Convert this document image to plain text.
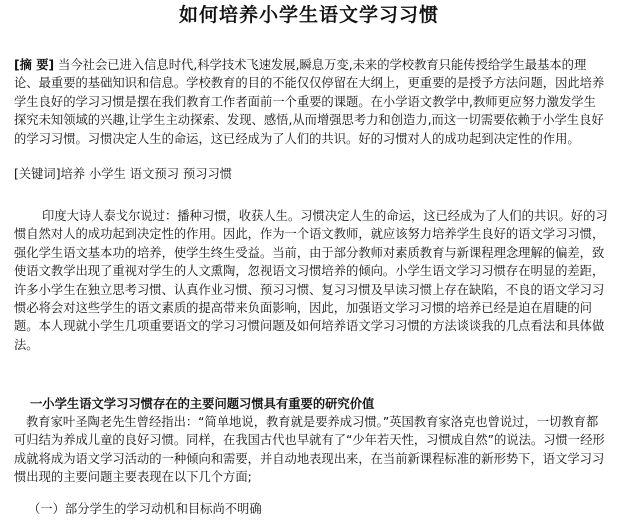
如何培养小学生语文学习习惯
[摘 要] 当今社会已进入信息时代,科学技术飞速发展,瞬息万变,未来的学校教育只能传授给学生最基本的理论、最重要的基础知识和信息。学校教育的目的不能仅仅停留在大纲上，更重要的是授予方法问题，因此培养学生良好的学习习惯是摆在我们教育工作者面前一个重要的课题。在小学语文教学中,教师更应努力激发学生探究未知领域的兴趣,让学生主动探索、发现、感悟,从而增强思考力和创造力,而这一切需要依赖于小学生良好的学习习惯。习惯决定人生的命运，这已经成为了人们的共识。好的习惯对人的成功起到决定性的作用。
[关键词]培养 小学生 语文预习 预习习惯

印度大诗人泰戈尔说过：播种习惯，收获人生。习惯决定人生的命运，这已经成为了人们的共识。好的习惯自然对人的成功起到决定性的作用。因此，作为一个语文教师，就应该努力培养学生良好的语文学习习惯，强化学生语文基本功的培养，使学生终生受益。当前，由于部分教师对素质教育与新课程理念理解的偏差，致使语文教学出现了重视对学生的人文熏陶，忽视语文习惯培养的倾向。小学生语文学习习惯存在明显的差距，许多小学生在独立思考习惯、认真作业习惯、预习习惯、复习习惯及早读习惯上存在缺陷，不良的语文学习习惯必将会对这些学生的语文素质的提高带来负面影响，因此，加强语文学习习惯的培养已经是迫在眉睫的问题。本人现就小学生几项重要语文的学习习惯问题及如何培养语文学习习惯的方法谈谈我的几点看法和具体做法。

一小学生语文学习习惯存在的主要问题习惯具有重要的研究价值

教育家叶圣陶老先生曾经指出：“简单地说，教育就是要养成习惯。”英国教育家洛克也曾说过，一切教育都可归结为养成儿童的良好习惯。同样，在我国古代也早就有了“少年若天性，习惯成自然”的说法。习惯一经形成就将成为语文学习活动的一种倾向和需要，并自动地表现出来，在当前新课程标准的新形势下，语文学习习惯出现的主要问题主要表现在以下几个方面;

（一）部分学生的学习动机和目标尚不明确
